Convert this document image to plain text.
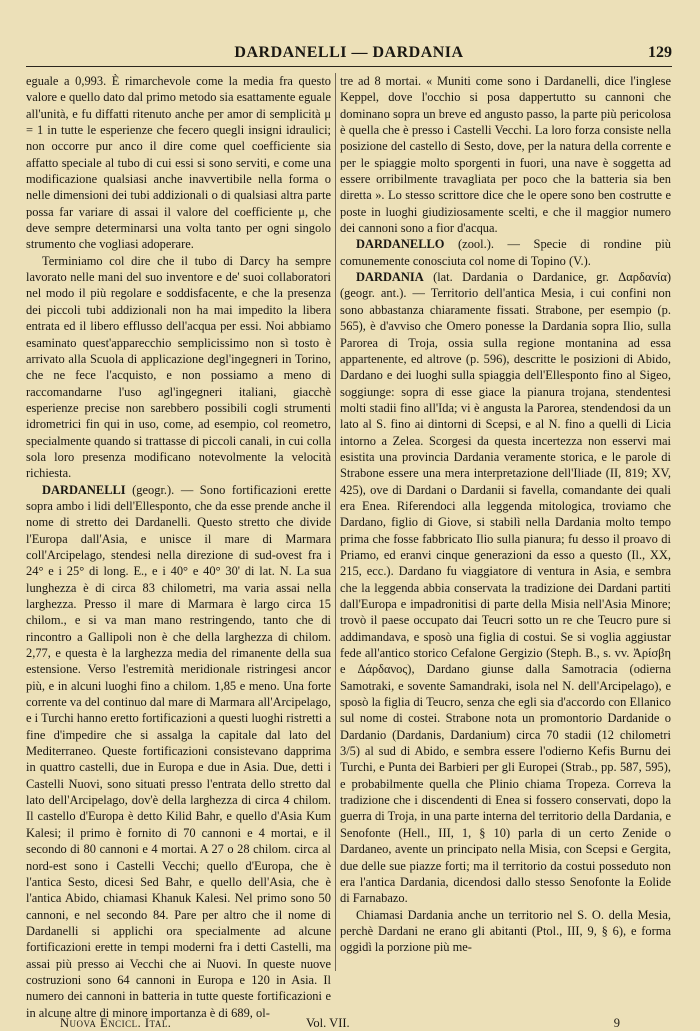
DARDANELLI — DARDANIA	129

eguale a 0,993. È rimarchevole come la media fra questo valore e quello dato dal primo metodo sia esattamente eguale all'unità, e fu diffatti ritenuto anche per amor di semplicità μ = 1 in tutte le esperienze che fecero quegli insigni idraulici; non occorre pur anco il dire come quel coefficiente sia affatto speciale al tubo di cui essi si sono serviti, e come una modificazione qualsiasi anche inavvertibile nella forma o nelle dimensioni dei tubi addizionali o di qualsiasi altra parte possa far variare di assai il valore del coefficiente μ, che deve sempre determinarsi una volta tanto per ogni singolo strumento che vogliasi adoperare.

Terminiamo col dire che il tubo di Darcy ha sempre lavorato nelle mani del suo inventore e de' suoi collaboratori nel modo il più regolare e soddisfacente, e che la presenza dei piccoli tubi addizionali non ha mai impedito la libera entrata ed il libero efflusso dell'acqua per essi. Noi abbiamo esaminato quest'apparecchio semplicissimo non sì tosto è arrivato alla Scuola di applicazione degl'ingegneri in Torino, che ne fece l'acquisto, e non possiamo a meno di raccomandarne l'uso agl'ingegneri italiani, giacchè esperienze precise non sarebbero possibili cogli strumenti idrometrici fin qui in uso, come, ad esempio, col reometro, specialmente quando si trattasse di piccoli canali, in cui colla sola loro presenza modificano notevolmente la velocità richiesta.

DARDANELLI (geogr.). — Sono fortificazioni erette sopra ambo i lidi dell'Ellesponto, che da esse prende anche il nome di stretto dei Dardanelli. Questo stretto che divide l'Europa dall'Asia, e unisce il mare di Marmara coll'Arcipelago, stendesi nella direzione di sud-ovest fra i 24° e i 25° di long. E., e i 40° e 40° 30' di lat. N. La sua lunghezza è di circa 83 chilometri, ma varia assai nella larghezza. Presso il mare di Marmara è largo circa 15 chilom., e si va man mano restringendo, tanto che di rincontro a Gallipoli non è che della larghezza di chilom. 2,77, e questa è la larghezza media del rimanente della sua estensione. Verso l'estremità meridionale ristringesi ancor più, e in alcuni luoghi fino a chilom. 1,85 e meno. Una forte corrente va del continuo dal mare di Marmara all'Arcipelago, e i Turchi hanno eretto fortificazioni a questi luoghi ristretti a fine d'impedire che si assalga la capitale dal lato del Mediterraneo. Queste fortificazioni consistevano dapprima in quattro castelli, due in Europa e due in Asia. Due, detti i Castelli Nuovi, sono situati presso l'entrata dello stretto dal lato dell'Arcipelago, dov'è della larghezza di circa 4 chilom. Il castello d'Europa è detto Kilid Bahr, e quello d'Asia Kum Kalesi; il primo è fornito di 70 cannoni e 4 mortai, e il secondo di 80 cannoni e 4 mortai. A 27 o 28 chilom. circa al nord-est sono i Castelli Vecchi; quello d'Europa, che è l'antica Sesto, dicesi Sed Bahr, e quello dell'Asia, che è l'antica Abido, chiamasi Khanuk Kalesi. Nel primo sono 50 cannoni, e nel secondo 84. Pare per altro che il nome di Dardanelli si applichi ora specialmente ad alcune fortificazioni erette in tempi moderni fra i detti Castelli, ma assai più presso ai Vecchi che ai Nuovi. In queste nuove costruzioni sono 64 cannoni in Europa e 120 in Asia. Il numero dei cannoni in batteria in tutte queste fortificazioni e in alcune altre di minore importanza è di 689, ol-

tre ad 8 mortai. « Muniti come sono i Dardanelli, dice l'inglese Keppel, dove l'occhio si posa dappertutto su cannoni che dominano sopra un breve ed angusto passo, la parte più pericolosa è quella che è presso i Castelli Vecchi. La loro forza consiste nella posizione del castello di Sesto, dove, per la natura della corrente e per le spiaggie molto sporgenti in fuori, una nave è soggetta ad essere orribilmente travagliata per poco che la batteria sia ben diretta ». Lo stesso scrittore dice che le opere sono ben costrutte e poste in luoghi giudiziosamente scelti, e che il maggior numero dei cannoni sono a fior d'acqua.

DARDANELLO (zool.). — Specie di rondine più comunemente conosciuta col nome di Topino (V.).

DARDANIA (lat. Dardania o Dardanice, gr. Δαρδανία) (geogr. ant.). — Territorio dell'antica Mesia, i cui confini non sono abbastanza chiaramente fissati. Strabone, per esempio (p. 565), è d'avviso che Omero ponesse la Dardania sopra Ilio, sulla Parorea di Troja, ossia sulla regione montanina ad essa appartenente, ed altrove (p. 596), descritte le posizioni di Abido, Dardano e dei luoghi sulla spiaggia dell'Ellesponto fino al Sigeo, soggiunge: sopra di esse giace la pianura trojana, stendentesi molti stadii fino all'Ida; vi è angusta la Parorea, stendendosi da un lato al S. fino ai dintorni di Scepsi, e al N. fino a quelli di Licia intorno a Zelea. Scorgesi da questa incertezza non esservi mai esistita una provincia Dardania veramente storica, e le parole di Strabone essere una mera interpretazione dell'Iliade (II, 819; XV, 425), ove di Dardani o Dardanii si favella, comandante dei quali era Enea. Riferendoci alla leggenda mitologica, troviamo che Dardano, figlio di Giove, si stabilì nella Dardania molto tempo prima che fosse fabbricato Ilio sulla pianura; fu desso il proavo di Priamo, ed eranvi cinque generazioni da esso a questo (Il., XX, 215, ecc.). Dardano fu viaggiatore di ventura in Asia, e sembra che la leggenda abbia conservata la tradizione dei Dardani partiti dall'Europa e impadronitisi di parte della Misia nell'Asia Minore; trovò il paese occupato dai Teucri sotto un re che Teucro pure si addimandava, e sposò una figlia di costui. Se si voglia aggiustar fede all'antico storico Cefalone Gergizio (Steph. B., s. vv. Ἀρίσβη e Δάρδανος), Dardano giunse dalla Samotracia (odierna Samotraki, e sovente Samandraki, isola nel N. dell'Arcipelago), e sposò la figlia di Teucro, senza che egli sia d'accordo con Ellanico sul nome di costei. Strabone nota un promontorio Dardanide o Dardanio (Dardanis, Dardanium) circa 70 stadii (12 chilometri 3/5) al sud di Abido, e sembra essere l'odierno Kefis Burnu dei Turchi, e Punta dei Barbieri per gli Europei (Strab., pp. 587, 595), e probabilmente quella che Plinio chiama Tropeza. Correva la tradizione che i discendenti di Enea si fossero conservati, dopo la guerra di Troja, in una parte interna del territorio della Dardania, e Senofonte (Hell., III, 1, § 10) parla di un certo Zenide o Dardaneo, avente un principato nella Misia, con Scepsi e Gergita, due delle sue piazze forti; ma il territorio da costui posseduto non era l'antica Dardania, dicendosi dallo stesso Senofonte la Eolide di Farnabazo.

Chiamasi Dardania anche un territorio nel S. O. della Mesia, perchè Dardani ne erano gli abitanti (Ptol., III, 9, § 6), e forma oggidì la porzione più me-

Nuova Encicl. Ital.	Vol. VII.	9
